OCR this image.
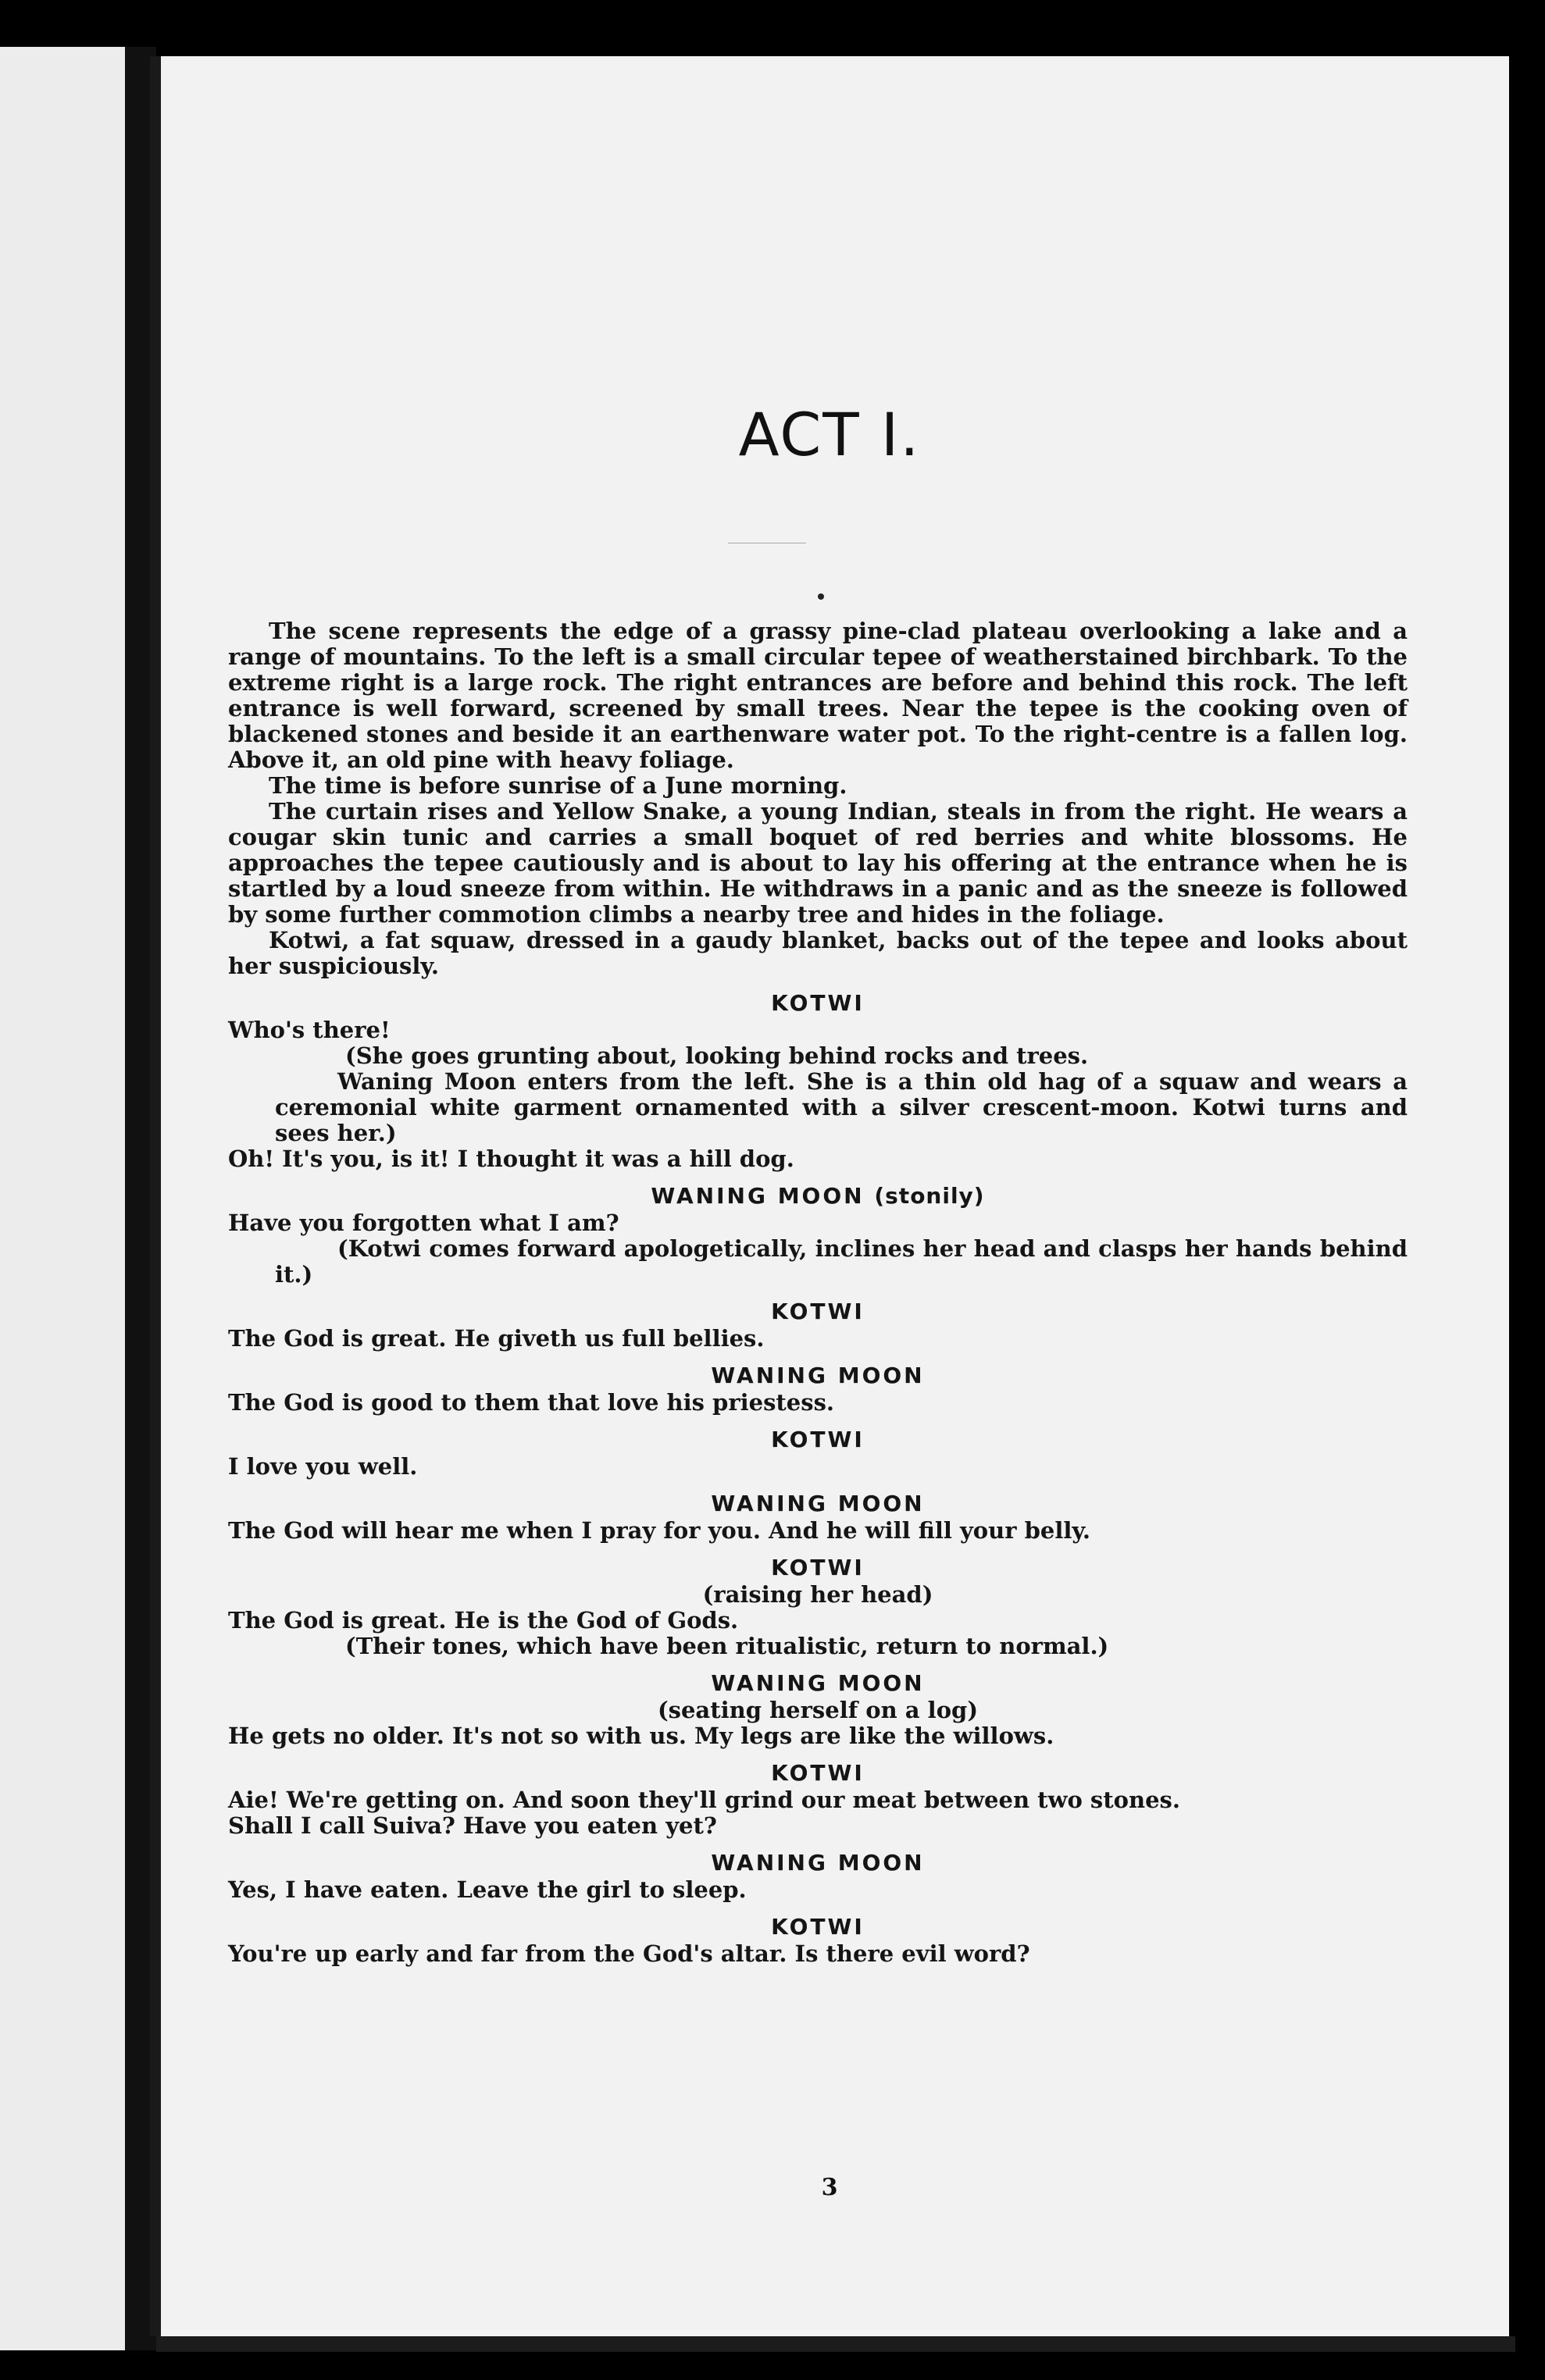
ACT I.

The scene represents the edge of a grassy pine-clad plateau overlooking a lake and a range of mountains. To the left is a small circular tepee of weatherstained birchbark. To the extreme right is a large rock. The right entrances are before and behind this rock. The left entrance is well forward, screened by small trees. Near the tepee is the cooking oven of blackened stones and beside it an earthenware water pot. To the right-centre is a fallen log. Above it, an old pine with heavy foliage.

The time is before sunrise of a June morning.

The curtain rises and Yellow Snake, a young Indian, steals in from the right. He wears a cougar skin tunic and carries a small boquet of red berries and white blossoms. He approaches the tepee cautiously and is about to lay his offering at the entrance when he is startled by a loud sneeze from within. He withdraws in a panic and as the sneeze is followed by some further commotion climbs a nearby tree and hides in the foliage.

Kotwi, a fat squaw, dressed in a gaudy blanket, backs out of the tepee and looks about her suspiciously.

KOTWI

Who's there!

(She goes grunting about, looking behind rocks and trees.

Waning Moon enters from the left. She is a thin old hag of a squaw and wears a ceremonial white garment ornamented with a silver crescent-moon. Kotwi turns and sees her.)

Oh! It's you, is it! I thought it was a hill dog.

WANING MOON (stonily)

Have you forgotten what I am?

(Kotwi comes forward apologetically, inclines her head and clasps her hands behind it.)

KOTWI

The God is great. He giveth us full bellies.

WANING MOON

The God is good to them that love his priestess.

KOTWI

I love you well.

WANING MOON

The God will hear me when I pray for you. And he will fill your belly.

KOTWI

(raising her head)

The God is great. He is the God of Gods.

(Their tones, which have been ritualistic, return to normal.)

WANING MOON

(seating herself on a log)

He gets no older. It's not so with us. My legs are like the willows.

KOTWI

Aie! We're getting on. And soon they'll grind our meat between two stones.

Shall I call Suiva? Have you eaten yet?

WANING MOON

Yes, I have eaten. Leave the girl to sleep.

KOTWI

You're up early and far from the God's altar. Is there evil word?

3
